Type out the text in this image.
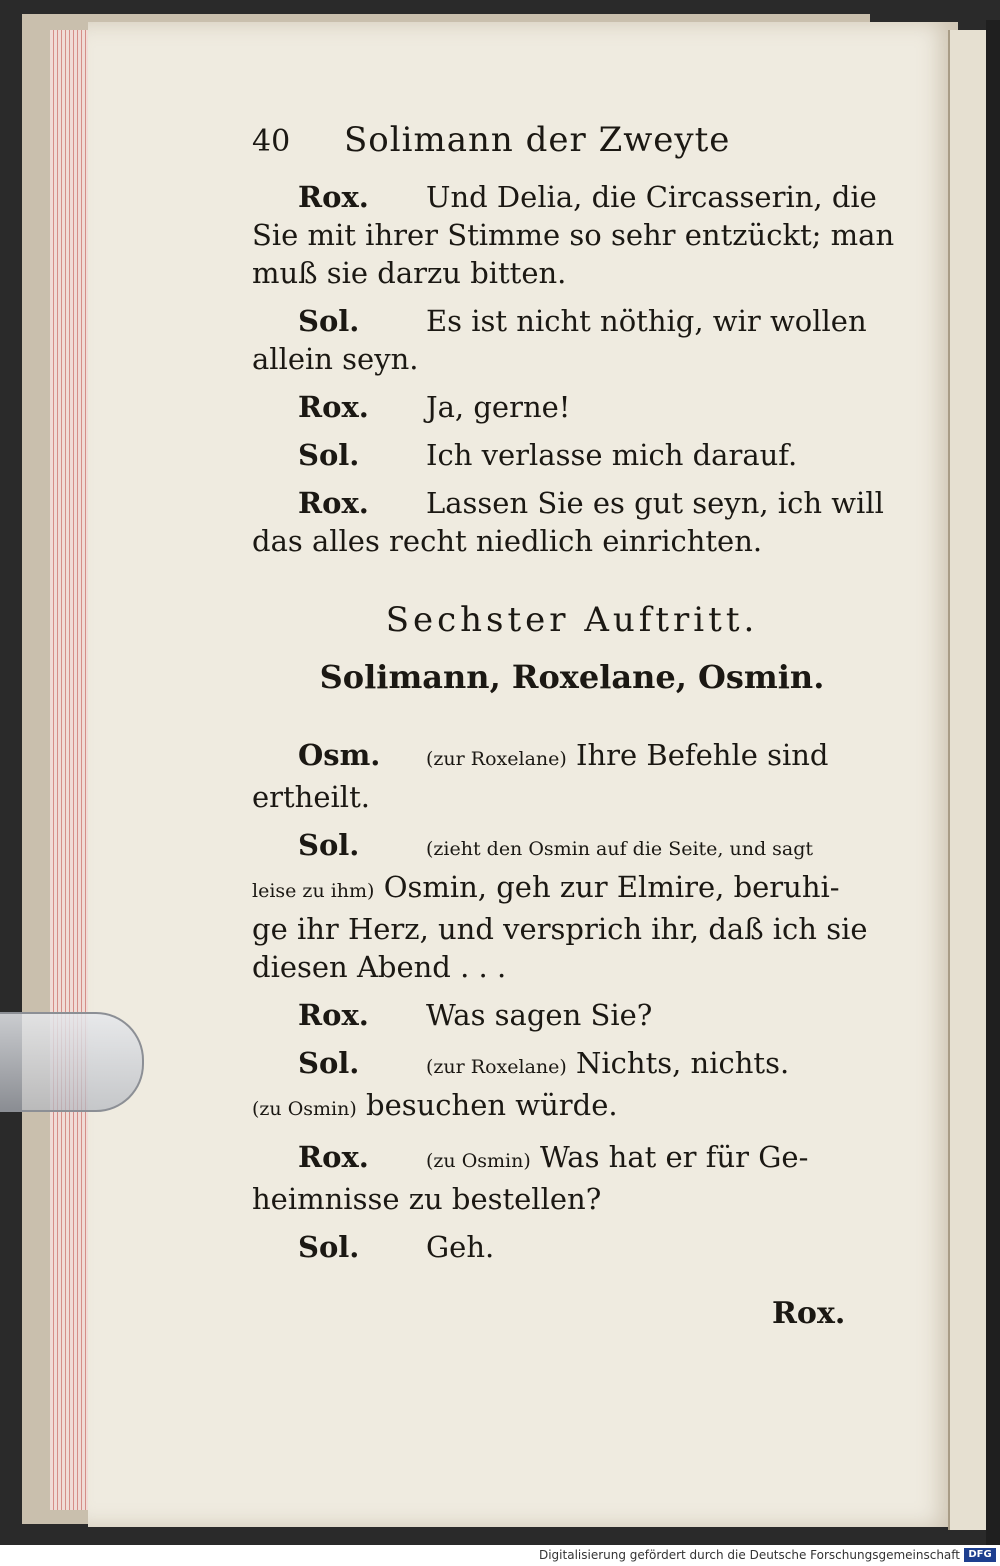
40	Solimann der Zweyte
Rox. Und Delia, die Circasserin, die
Sie mit ihrer Stimme so sehr entzückt; man
muß sie darzu bitten.
Sol. Es ist nicht nöthig, wir wollen
allein seyn.
Rox. Ja, gerne!
Sol. Ich verlasse mich darauf.
Rox. Lassen Sie es gut seyn, ich will
das alles recht niedlich einrichten.
Sechster Auftritt.
Solimann, Roxelane, Osmin.
Osm. (zur Roxelane) Ihre Befehle sind
ertheilt.
Sol.	(zieht den Osmin auf die Seite, und sagt
leise zu ihm) Osmin, geh zur Elmire, beruhi-
ge ihr Herz, und versprich ihr, daß ich sie
diesen Abend . . .
Rox. Was sagen Sie?
Sol.	(zur Roxelane) Nichts, nichts.
(zu Osmin) besuchen würde.
Rox.	(zu Osmin) Was hat er für Ge-
heimnisse zu bestellen?
Sol. Geh.
Rox.
Digitalisierung gefördert durch die Deutsche Forschungsgemeinschaft DFG
